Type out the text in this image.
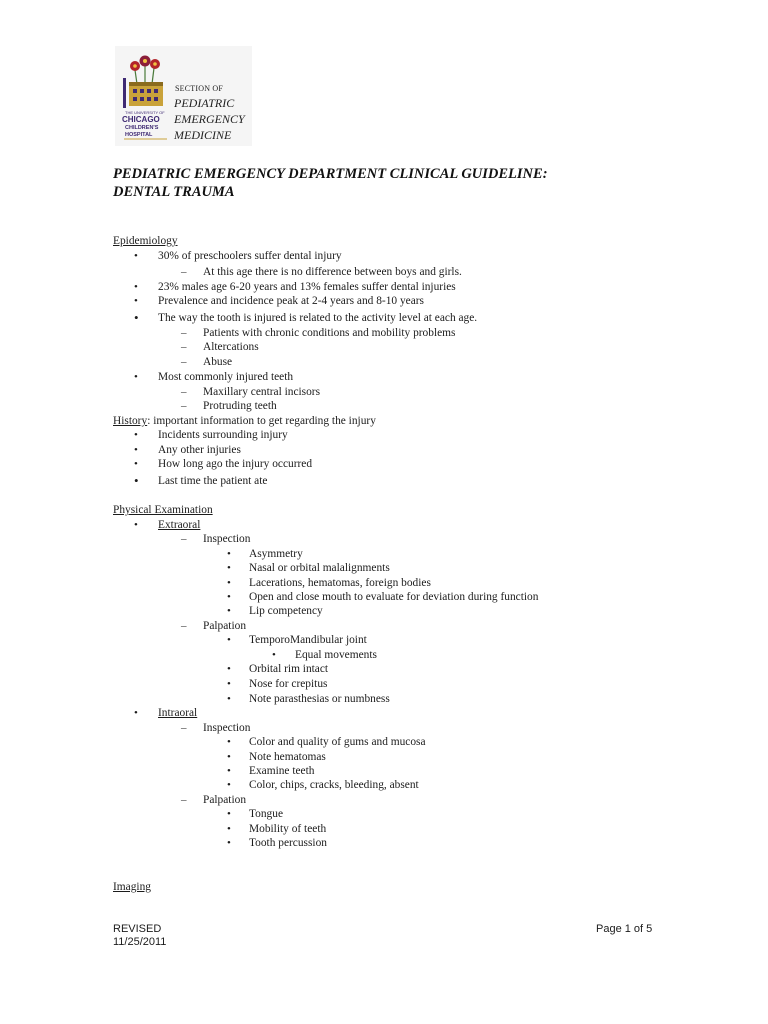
THE UNIVERSITY OF
CHICAGO
CHILDREN'S
HOSPITAL
SECTION OF
PEDIATRIC
EMERGENCY
MEDICINE
PEDIATRIC EMERGENCY DEPARTMENT CLINICAL GUIDELINE:
DENTAL TRAUMA
Epidemiology
• 30% of preschoolers suffer dental injury
– At this age there is no difference between boys and girls.
• 23% males age 6-20 years and 13% females suffer dental injuries
• Prevalence and incidence peak at 2-4 years and 8-10 years
• The way the tooth is injured is related to the activity level at each age.
– Patients with chronic conditions and mobility problems
– Altercations
– Abuse
• Most commonly injured teeth
– Maxillary central incisors
– Protruding teeth
History: important information to get regarding the injury
• Incidents surrounding injury
• Any other injuries
• How long ago the injury occurred
• Last time the patient ate
Physical Examination
• Extraoral
– Inspection
• Asymmetry
• Nasal or orbital malalignments
• Lacerations, hematomas, foreign bodies
• Open and close mouth to evaluate for deviation during function
• Lip competency
– Palpation
• TemporoMandibular joint
• Equal movements
• Orbital rim intact
• Nose for crepitus
• Note parasthesias or numbness
• Intraoral
– Inspection
• Color and quality of gums and mucosa
• Note hematomas
• Examine teeth
• Color, chips, cracks, bleeding, absent
– Palpation
• Tongue
• Mobility of teeth
• Tooth percussion
Imaging
REVISED
11/25/2011
Page 1 of 5
